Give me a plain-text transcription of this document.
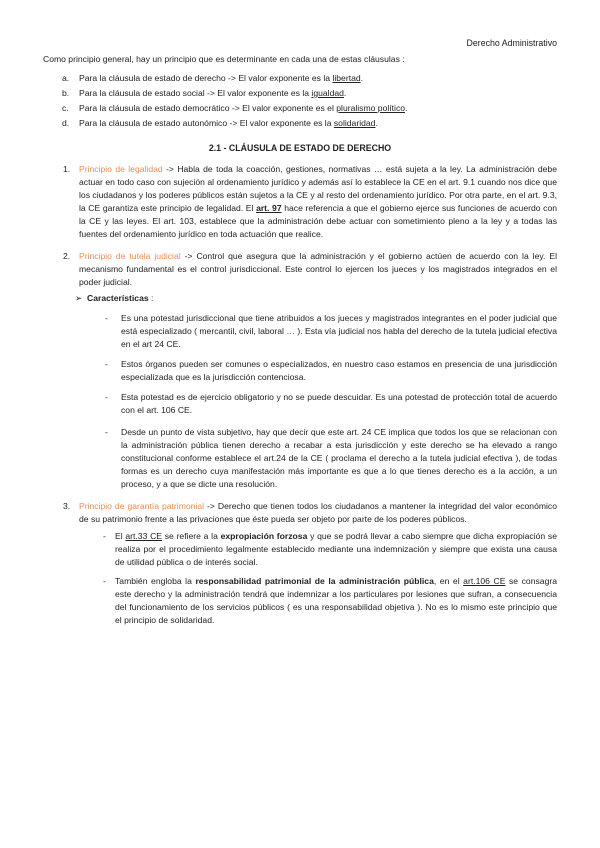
Derecho Administrativo

Como principio general, hay un principio que es determinante en cada una de estas cláusulas :

a. Para la cláusula de estado de derecho -> El valor exponente es la libertad.
b. Para la cláusula de estado social -> El valor exponente es la igualdad.
c. Para la cláusula de estado democrático -> El valor exponente es el pluralismo político.
d. Para la cláusula de estado autonómico -> El valor exponente es la solidaridad.
2.1 - CLÁUSULA DE ESTADO DE DERECHO

1. Principio de legalidad -> Habla de toda la coacción, gestiones, normativas … está sujeta a la ley. La administración debe actuar en todo caso con sujeción al ordenamiento jurídico y además así lo establece la CE en el art. 9.1 cuando nos dice que los ciudadanos y los poderes públicos están sujetos a la CE y al resto del ordenamiento jurídico. Por otra parte, en el art. 9.3, la CE garantiza este principio de legalidad. El art. 97 hace referencia a que el gobierno ejerce sus funciones de acuerdo con la CE y las leyes. El art. 103, establece que la administración debe actuar con sometimiento pleno a la ley y a todas las fuentes del ordenamiento jurídico en toda actuación que realice.

2. Principio de tutela judicial -> Control que asegura que la administración y el gobierno actúen de acuerdo con la ley. El mecanismo fundamental es el control jurisdiccional. Este control lo ejercen los jueces y los magistrados integrados en el poder judicial.

➢ Características :

- Es una potestad jurisdiccional que tiene atribuidos a los jueces y magistrados integrantes en el poder judicial que está especializado ( mercantil, civil, laboral … ). Esta vía judicial nos habla del derecho de la tutela judicial efectiva en el art 24 CE.

- Estos órganos pueden ser comunes o especializados, en nuestro caso estamos en presencia de una jurisdicción especializada que es la jurisdicción contenciosa.

- Esta potestad es de ejercicio obligatorio y no se puede descuidar. Es una potestad de protección total de acuerdo con el art. 106 CE.

- Desde un punto de vista subjetivo, hay que decir que este art. 24 CE implica que todos los que se relacionan con la administración pública tienen derecho a recabar a esta jurisdicción y este derecho se ha elevado a rango constitucional conforme establece el art.24 de la CE ( proclama el derecho a la tutela judicial efectiva ), de todas formas es un derecho cuya manifestación más importante es que a lo que tienes derecho es a la acción, a un proceso, y a que se dicte una resolución.

3. Principio de garantía patrimonial -> Derecho que tienen todos los ciudadanos a mantener la integridad del valor económico de su patrimonio frente a las privaciones que éste pueda ser objeto por parte de los poderes públicos.

- El art.33 CE se refiere a la expropiación forzosa y que se podrá llevar a cabo siempre que dicha expropiación se realiza por el procedimiento legalmente establecido mediante una indemnización y siempre que exista una causa de utilidad pública o de interés social.

- También engloba la responsabilidad patrimonial de la administración pública, en el art.106 CE se consagra este derecho y la administración tendrá que indemnizar a los particulares por lesiones que sufran, a consecuencia del funcionamiento de los servicios públicos ( es una responsabilidad objetiva ). No es lo mismo este principio que el principio de solidaridad.
